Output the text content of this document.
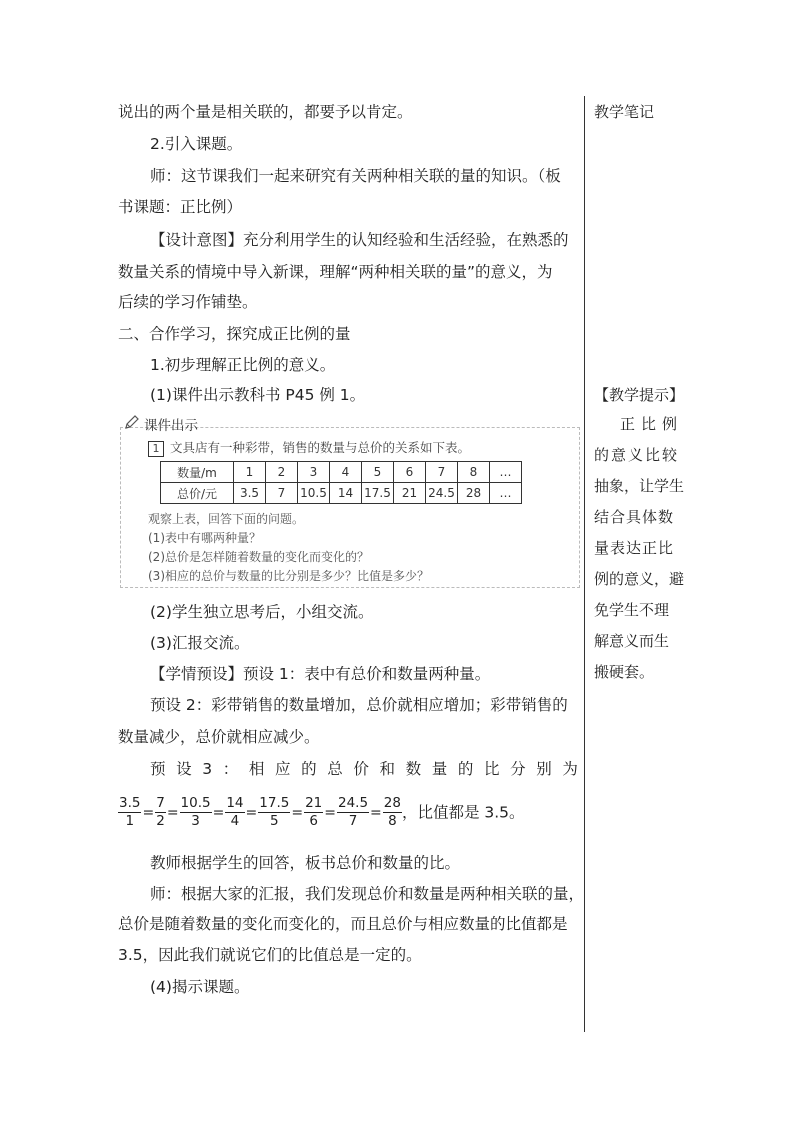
说出的两个量是相关联的，都要予以肯定。
2.引入课题。
师：这节课我们一起来研究有关两种相关联的量的知识。（板
书课题：正比例）
【设计意图】充分利用学生的认知经验和生活经验，在熟悉的
数量关系的情境中导入新课，理解“两种相关联的量”的意义，为
后续的学习作铺垫。
二、合作学习，探究成正比例的量
1.初步理解正比例的意义。
(1)课件出示教科书 P45 例 1。
课件出示
1 文具店有一种彩带，销售的数量与总价的关系如下表。
数量/m	1	2	3	4	5	6	7	8	…
总价/元	3.5	7	10.5	14	17.5	21	24.5	28	…
观察上表，回答下面的问题。
(1)表中有哪两种量？
(2)总价是怎样随着数量的变化而变化的？
(3)相应的总价与数量的比分别是多少？比值是多少？
(2)学生独立思考后，小组交流。
(3)汇报交流。
【学情预设】预设 1：表中有总价和数量两种量。
预设 2：彩带销售的数量增加，总价就相应增加；彩带销售的
数量减少，总价就相应减少。
预 设 3 ： 相 应 的 总 价 和 数 量 的 比 分 别 为
$\frac{3.5}{1} = \frac{7}{2} = \frac{10.5}{3} = \frac{14}{4} = \frac{17.5}{5} = \frac{21}{6} = \frac{24.5}{7} = \frac{28}{8}$ ，比值都是 3.5。
教师根据学生的回答，板书总价和数量的比。
师：根据大家的汇报，我们发现总价和数量是两种相关联的量，
总价是随着数量的变化而变化的，而且总价与相应数量的比值都是
3.5，因此我们就说它们的比值总是一定的。
(4)揭示课题。
教学笔记
【教学提示】
正比例
的意义比较
抽象，让学生
结合具体数
量表达正比
例的意义，避
免学生不理
解意义而生
搬硬套。
